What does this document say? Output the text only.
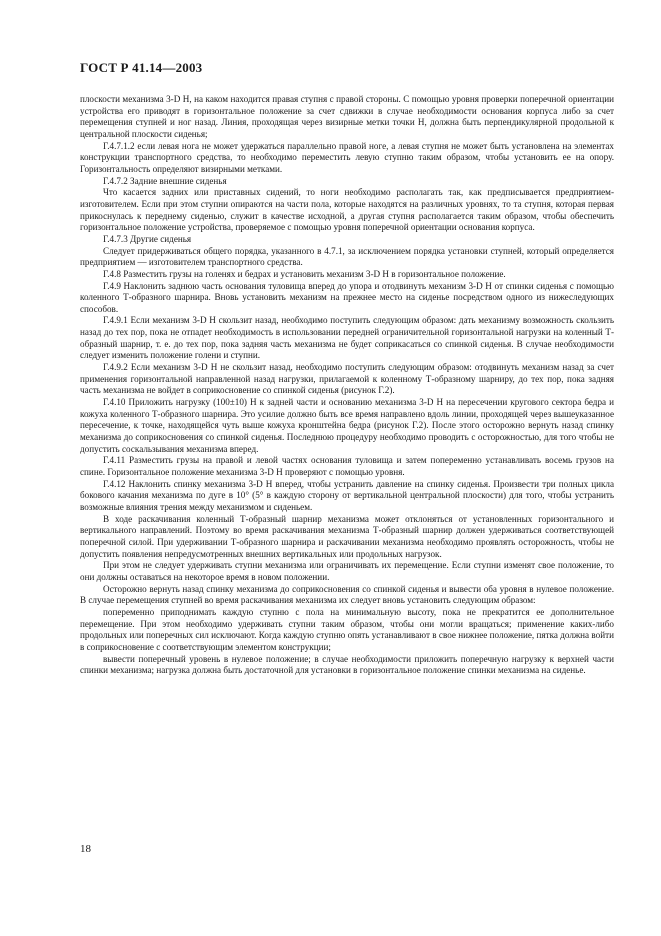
ГОСТ Р 41.14—2003

плоскости механизма 3-D Н, на каком находится правая ступня с правой стороны. С помощью уровня проверки поперечной ориентации устройства его приводят в горизонтальное положение за счет сдвижки в случае необходимости основания корпуса либо за счет перемещения ступней и ног назад. Линия, проходящая через визирные метки точки Н, должна быть перпендикулярной продольной к центральной плоскости сиденья;

Г.4.7.1.2 если левая нога не может удержаться параллельно правой ноге, а левая ступня не может быть установлена на элементах конструкции транспортного средства, то необходимо переместить левую ступню таким образом, чтобы установить ее на опору. Горизонтальность определяют визирными метками.

Г.4.7.2 Задние внешние сиденья

Что касается задних или приставных сидений, то ноги необходимо располагать так, как предписывается предприятием-изготовителем. Если при этом ступни опираются на части пола, которые находятся на различных уровнях, то та ступня, которая первая прикоснулась к переднему сиденью, служит в качестве исходной, а другая ступня располагается таким образом, чтобы обеспечить горизонтальное положение устройства, проверяемое с помощью уровня поперечной ориентации основания корпуса.

Г.4.7.3 Другие сиденья

Следует придерживаться общего порядка, указанного в 4.7.1, за исключением порядка установки ступней, который определяется предприятием — изготовителем транспортного средства.

Г.4.8 Разместить грузы на голенях и бедрах и установить механизм 3-D Н в горизонтальное положение.

Г.4.9 Наклонить заднюю часть основания туловища вперед до упора и отодвинуть механизм 3-D Н от спинки сиденья с помощью коленного Т-образного шарнира. Вновь установить механизм на прежнее место на сиденье посредством одного из нижеследующих способов.

Г.4.9.1 Если механизм 3-D Н скользит назад, необходимо поступить следующим образом: дать механизму возможность скользить назад до тех пор, пока не отпадет необходимость в использовании передней ограничительной горизонтальной нагрузки на коленный Т-образный шарнир, т. е. до тех пор, пока задняя часть механизма не будет соприкасаться со спинкой сиденья. В случае необходимости следует изменить положение голени и ступни.

Г.4.9.2 Если механизм 3-D Н не скользит назад, необходимо поступить следующим образом: отодвинуть механизм назад за счет применения горизонтальной направленной назад нагрузки, прилагаемой к коленному Т-образному шарниру, до тех пор, пока задняя часть механизма не войдет в соприкосновение со спинкой сиденья (рисунок Г.2).

Г.4.10 Приложить нагрузку (100±10) Н к задней части и основанию механизма 3-D Н на пересечении кругового сектора бедра и кожуха коленного Т-образного шарнира. Это усилие должно быть все время направлено вдоль линии, проходящей через вышеуказанное пересечение, к точке, находящейся чуть выше кожуха кронштейна бедра (рисунок Г.2). После этого осторожно вернуть назад спинку механизма до соприкосновения со спинкой сиденья. Последнюю процедуру необходимо проводить с осторожностью, для того чтобы не допустить соскальзывания механизма вперед.

Г.4.11 Разместить грузы на правой и левой частях основания туловища и затем попеременно устанавливать восемь грузов на спине. Горизонтальное положение механизма 3-D Н проверяют с помощью уровня.

Г.4.12 Наклонить спинку механизма 3-D Н вперед, чтобы устранить давление на спинку сиденья. Произвести три полных цикла бокового качания механизма по дуге в 10° (5° в каждую сторону от вертикальной центральной плоскости) для того, чтобы устранить возможные влияния трения между механизмом и сиденьем.

В ходе раскачивания коленный Т-образный шарнир механизма может отклоняться от установленных горизонтального и вертикального направлений. Поэтому во время раскачивания механизма Т-образный шарнир должен удерживаться соответствующей поперечной силой. При удерживании Т-образного шарнира и раскачивании механизма необходимо проявлять осторожность, чтобы не допустить появления непредусмотренных внешних вертикальных или продольных нагрузок.

При этом не следует удерживать ступни механизма или ограничивать их перемещение. Если ступни изменят свое положение, то они должны оставаться на некоторое время в новом положении.

Осторожно вернуть назад спинку механизма до соприкосновения со спинкой сиденья и вывести оба уровня в нулевое положение. В случае перемещения ступней во время раскачивания механизма их следует вновь установить следующим образом:

попеременно приподнимать каждую ступню с пола на минимальную высоту, пока не прекратится ее дополнительное перемещение. При этом необходимо удерживать ступни таким образом, чтобы они могли вращаться; применение каких-либо продольных или поперечных сил исключают. Когда каждую ступню опять устанавливают в свое нижнее положение, пятка должна войти в соприкосновение с соответствующим элементом конструкции;

вывести поперечный уровень в нулевое положение; в случае необходимости приложить поперечную нагрузку к верхней части спинки механизма; нагрузка должна быть достаточной для установки в горизонтальное положение спинки механизма на сиденье.

18
